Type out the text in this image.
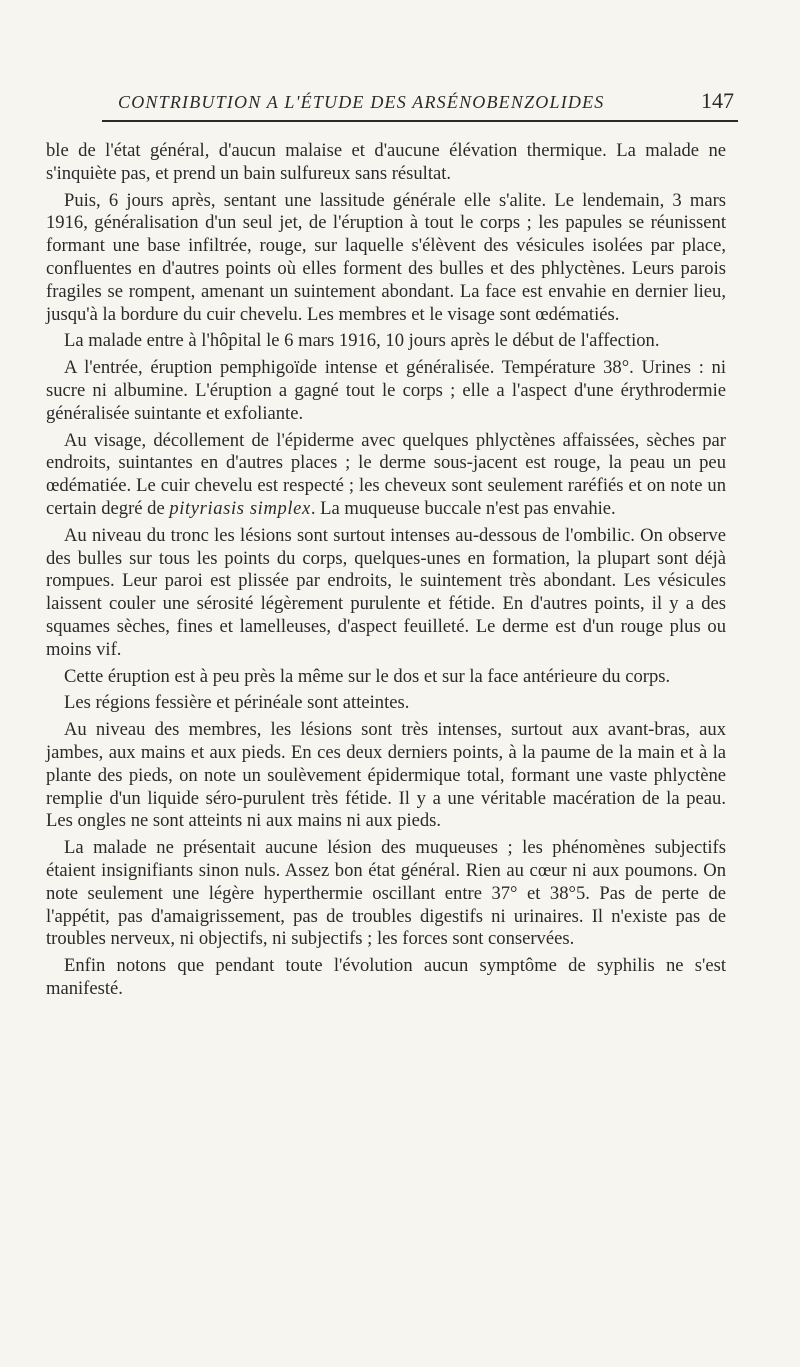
CONTRIBUTION A L'ÉTUDE DES ARSÉNOBENZOLIDES	147

ble de l'état général, d'aucun malaise et d'aucune élévation thermique. La malade ne s'inquiète pas, et prend un bain sulfureux sans résultat.

Puis, 6 jours après, sentant une lassitude générale elle s'alite. Le lendemain, 3 mars 1916, généralisation d'un seul jet, de l'éruption à tout le corps ; les papules se réunissent formant une base infiltrée, rouge, sur laquelle s'élèvent des vésicules isolées par place, confluentes en d'autres points où elles forment des bulles et des phlyctènes. Leurs parois fragiles se rompent, amenant un suintement abondant. La face est envahie en dernier lieu, jusqu'à la bordure du cuir chevelu. Les membres et le visage sont œdématiés.

La malade entre à l'hôpital le 6 mars 1916, 10 jours après le début de l'affection.

A l'entrée, éruption pemphigoïde intense et généralisée. Température 38°. Urines : ni sucre ni albumine. L'éruption a gagné tout le corps ; elle a l'aspect d'une érythrodermie généralisée suintante et exfoliante.

Au visage, décollement de l'épiderme avec quelques phlyctènes affaissées, sèches par endroits, suintantes en d'autres places ; le derme sous-jacent est rouge, la peau un peu œdématiée. Le cuir chevelu est respecté ; les cheveux sont seulement raréfiés et on note un certain degré de pityriasis simplex. La muqueuse buccale n'est pas envahie.

Au niveau du tronc les lésions sont surtout intenses au-dessous de l'ombilic. On observe des bulles sur tous les points du corps, quelques-unes en formation, la plupart sont déjà rompues. Leur paroi est plissée par endroits, le suintement très abondant. Les vésicules laissent couler une sérosité légèrement purulente et fétide. En d'autres points, il y a des squames sèches, fines et lamelleuses, d'aspect feuilleté. Le derme est d'un rouge plus ou moins vif.

Cette éruption est à peu près la même sur le dos et sur la face antérieure du corps.

Les régions fessière et périnéale sont atteintes.

Au niveau des membres, les lésions sont très intenses, surtout aux avant-bras, aux jambes, aux mains et aux pieds. En ces deux derniers points, à la paume de la main et à la plante des pieds, on note un soulèvement épidermique total, formant une vaste phlyctène remplie d'un liquide séro-purulent très fétide. Il y a une véritable macération de la peau. Les ongles ne sont atteints ni aux mains ni aux pieds.

La malade ne présentait aucune lésion des muqueuses ; les phénomènes subjectifs étaient insignifiants sinon nuls. Assez bon état général. Rien au cœur ni aux poumons. On note seulement une légère hyperthermie oscillant entre 37° et 38°5. Pas de perte de l'appétit, pas d'amaigrissement, pas de troubles digestifs ni urinaires. Il n'existe pas de troubles nerveux, ni objectifs, ni subjectifs ; les forces sont conservées.

Enfin notons que pendant toute l'évolution aucun symptôme de syphilis ne s'est manifesté.
